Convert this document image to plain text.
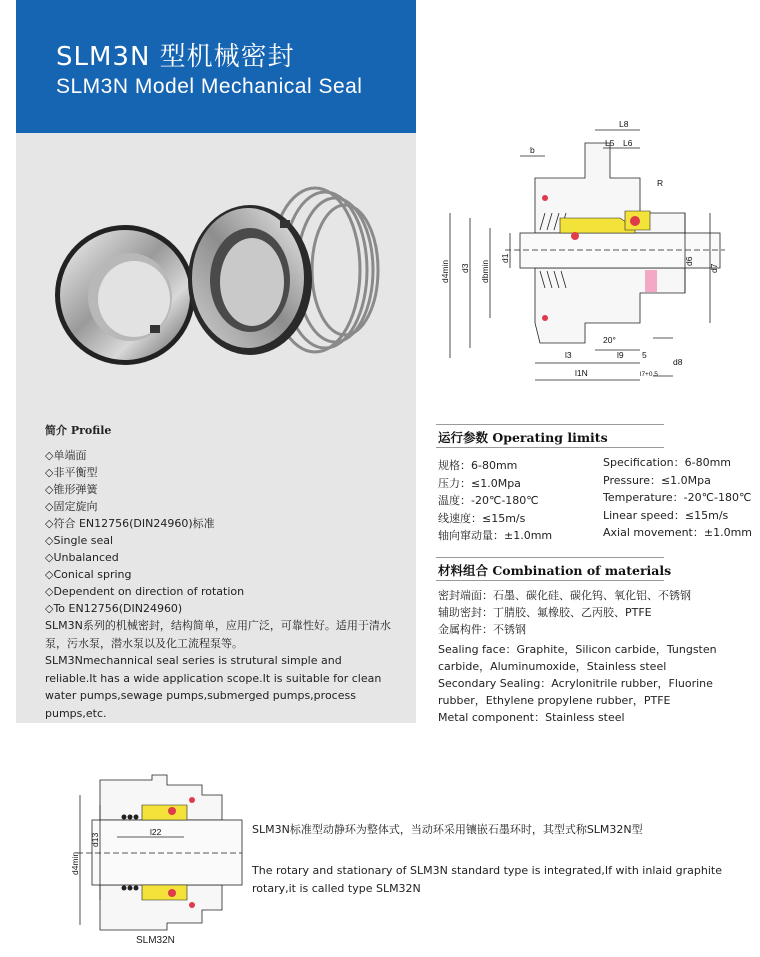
SLM3N 型机械密封
SLM3N Model Mechanical Seal
简介 Profile
◇单端面
◇非平衡型
◇锥形弹簧
◇固定旋向
◇符合 EN12756(DIN24960)标准
◇Single seal
◇Unbalanced
◇Conical spring
◇Dependent on direction of rotation
◇To EN12756(DIN24960)
SLM3N系列的机械密封，结构简单，应用广泛，可靠性好。适用于清水泵，污水泵，潜水泵以及化工流程泵等。
SLM3Nmechannical seal series is strutural simple and reliable.It has a wide application scope.It is suitable for clean water pumps,sewage pumps,submerged pumps,process pumps,etc.
L8
L5 L6
b
R
d8
20°
l3	l9 5
l1N	l7+0.5
d4min d3 dbmin
d1	d6
d7
运行参数 Operating limits
规格：6-80mm
压力：≤1.0Mpa
温度：-20℃-180℃
线速度：≤15m/s
轴向窜动量：±1.0mm
Specification：6-80mm
Pressure：≤1.0Mpa
Temperature：-20℃-180℃
Linear speed：≤15m/s
Axial movement：±1.0mm
材料组合 Combination of materials
密封端面：石墨、碳化硅、碳化钨、氧化铝、不锈钢
辅助密封：丁腈胶、氟橡胶、乙丙胶、PTFE
金属构件：不锈钢
Sealing face：Graphite，Silicon carbide，Tungsten carbide，Aluminumoxide，Stainless steel
Secondary Sealing：Acrylonitrile rubber，Fluorine rubber，Ethylene propylene rubber，PTFE
Metal component：Stainless steel
l22
d4min
d13
SLM32N
SLM3N标准型动静环为整体式，当动环采用镶嵌石墨环时，其型式称SLM32N型
The rotary and stationary of SLM3N standard type is integrated,If with inlaid graphite rotary,it is called type SLM32N
